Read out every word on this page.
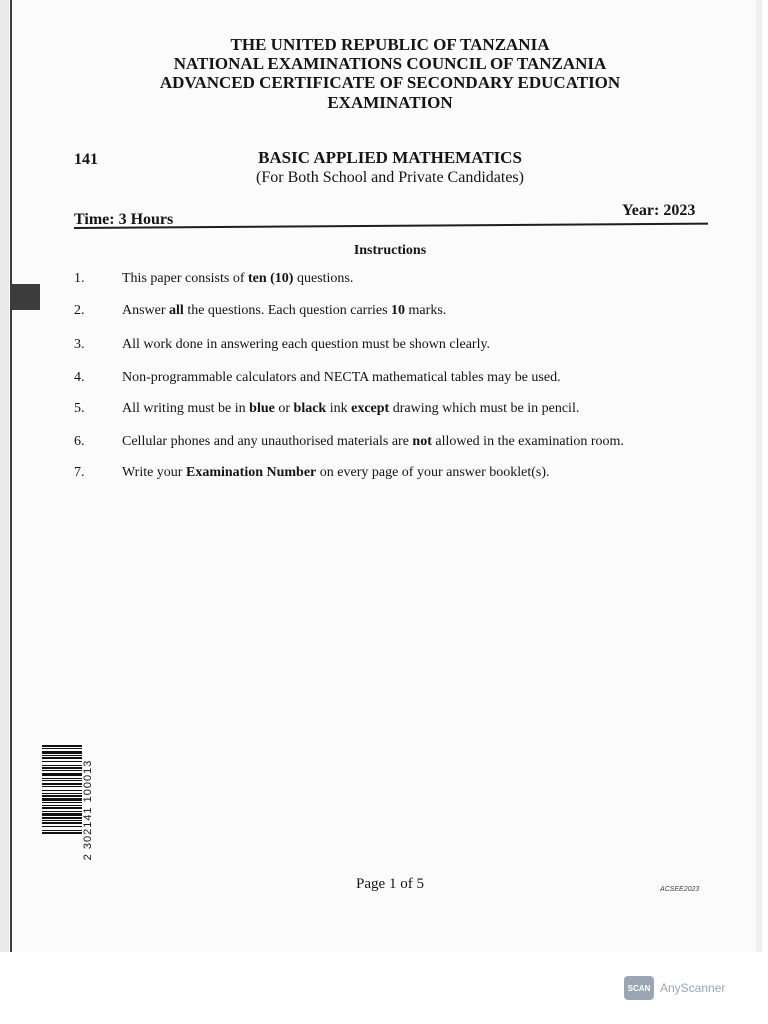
THE UNITED REPUBLIC OF TANZANIA
NATIONAL EXAMINATIONS COUNCIL OF TANZANIA
ADVANCED CERTIFICATE OF SECONDARY EDUCATION
EXAMINATION
141	BASIC APPLIED MATHEMATICS
(For Both School and Private Candidates)
Time: 3 Hours
Year: 2023
Instructions
1.	This paper consists of ten (10) questions.
2.	Answer all the questions. Each question carries 10 marks.
3.	All work done in answering each question must be shown clearly.
4.	Non-programmable calculators and NECTA mathematical tables may be used.
5.	All writing must be in blue or black ink except drawing which must be in pencil.
6.	Cellular phones and any unauthorised materials are not allowed in the examination room.
7.	Write your Examination Number on every page of your answer booklet(s).
2 302141 100013
Page 1 of 5	ACSEE2023
SCAN AnyScanner
